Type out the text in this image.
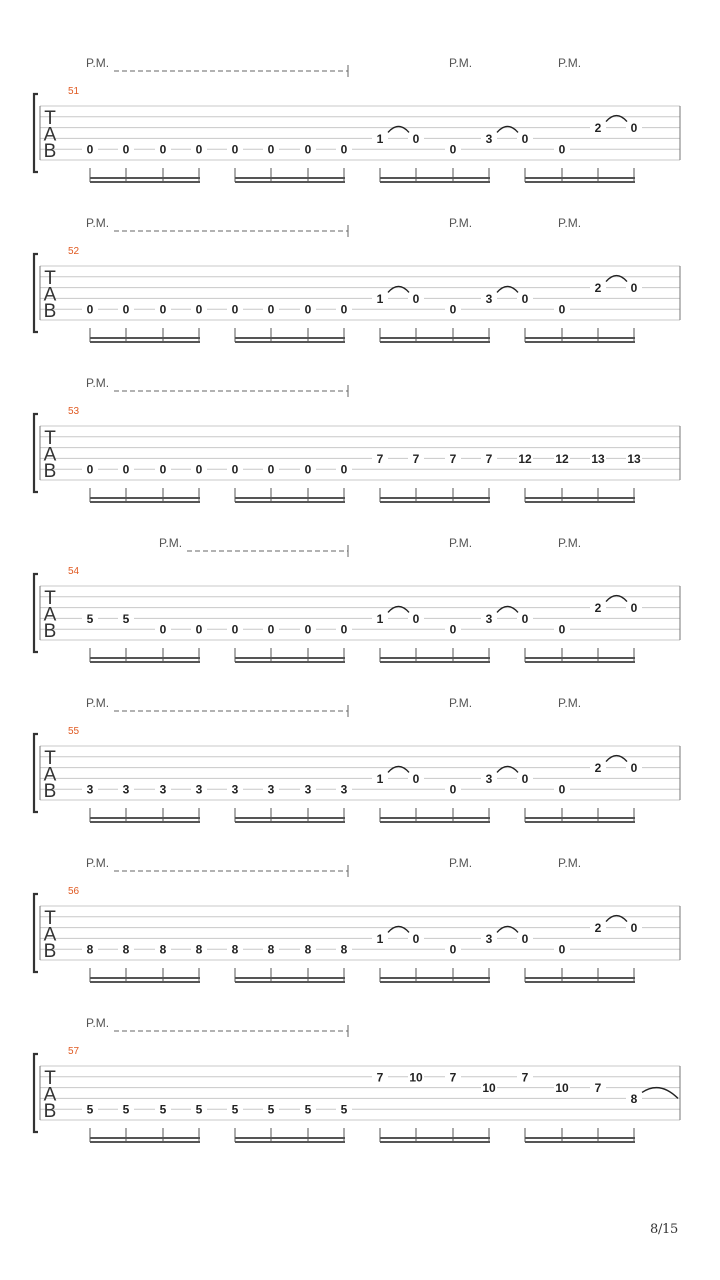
T
A
B
51
P.M.	P.M.	P.M.
0 0	0 0 0 0	0 0
1 0
0
3 0
0
2 0
T
A
B
52
P.M.	P.M.	P.M.
0 0	0 0 0 0	0 0
1 0
0
3 0
0
2 0
T
A
B
53
P.M.
0 0	0 0 0 0	0 0
7 7	7 7 12 12 13 13
T
A
B
54
P.M.	P.M.	P.M.
5 5
0 0 0 0	0 0
1 0
0
3 0
0
2 0
T
A
B
55
P.M.	P.M.	P.M.
3 3	3 3 3 3	3 3
1 0
0
3 0
0
2 0
T
A
B
56
P.M.	P.M.	P.M.
8 8	8 8 8 8	8 8
1 0
0
3 0
0
2 0
T
A
B
57
P.M.
5 5	5 5 5 5	5 5
7 10 7
10
7
10 7
8
8/15
